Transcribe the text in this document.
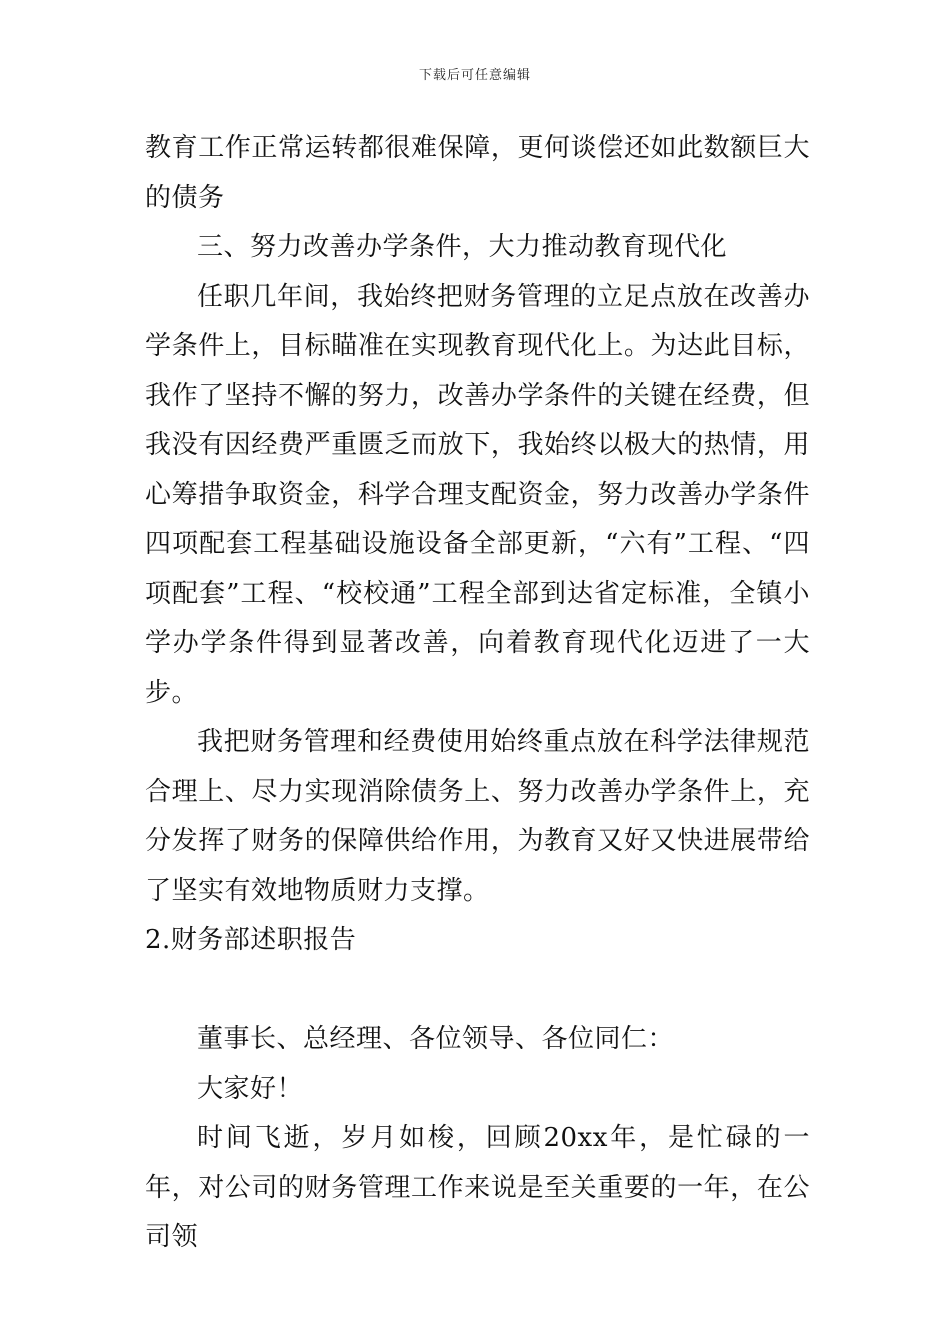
下载后可任意编辑

教育工作正常运转都很难保障，更何谈偿还如此数额巨大的债务

三、努力改善办学条件，大力推动教育现代化

任职几年间，我始终把财务管理的立足点放在改善办学条件上，目标瞄准在实现教育现代化上。为达此目标，我作了坚持不懈的努力，改善办学条件的关键在经费，但我没有因经费严重匮乏而放下，我始终以极大的热情，用心筹措争取资金，科学合理支配资金，努力改善办学条件四项配套工程基础设施设备全部更新，“六有”工程、“四项配套”工程、“校校通”工程全部到达省定标准，全镇小学办学条件得到显著改善，向着教育现代化迈进了一大步。

我把财务管理和经费使用始终重点放在科学法律规范合理上、尽力实现消除债务上、努力改善办学条件上，充分发挥了财务的保障供给作用，为教育又好又快进展带给了坚实有效地物质财力支撑。

2.财务部述职报告

董事长、总经理、各位领导、各位同仁：

大家好！

时间飞逝，岁月如梭，回顾20xx年，是忙碌的一年，对公司的财务管理工作来说是至关重要的一年，在公司领
